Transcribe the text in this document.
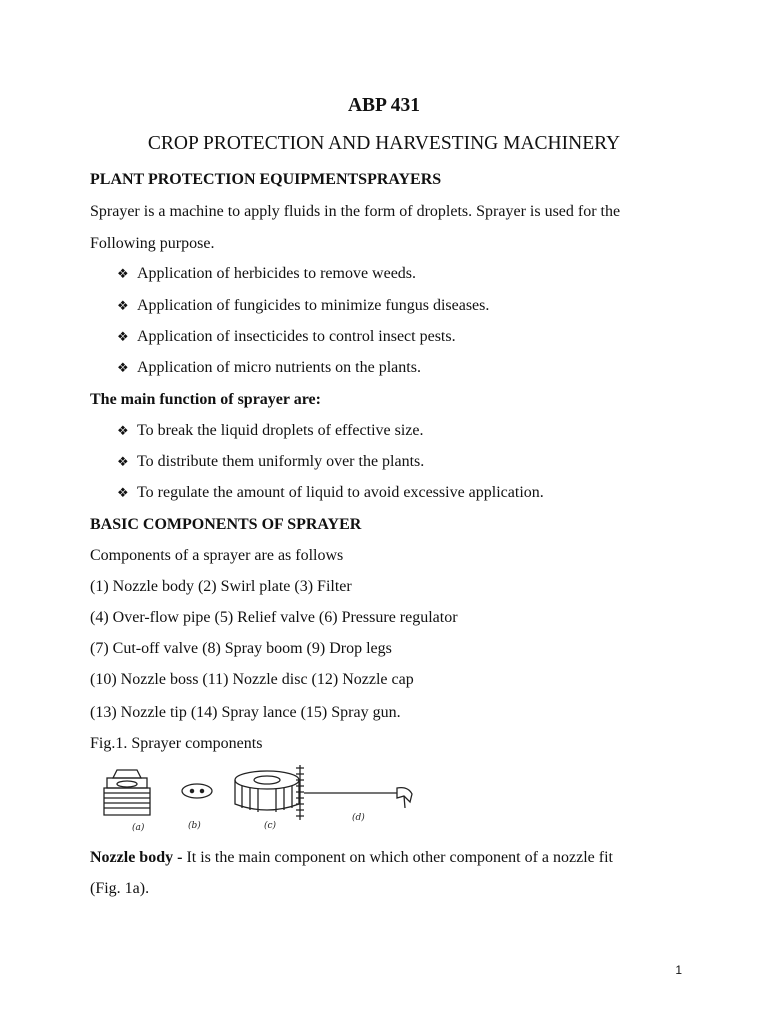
ABP 431
CROP PROTECTION AND HARVESTING MACHINERY
PLANT PROTECTION EQUIPMENTSPRAYERS
Sprayer is a machine to apply fluids in the form of droplets. Sprayer is used for the
Following purpose.
❖ Application of herbicides to remove weeds.
❖ Application of fungicides to minimize fungus diseases.
❖ Application of insecticides to control insect pests.
❖ Application of micro nutrients on the plants.
The main function of sprayer are:
❖ To break the liquid droplets of effective size.
❖ To distribute them uniformly over the plants.
❖ To regulate the amount of liquid to avoid excessive application.
BASIC COMPONENTS OF SPRAYER
Components of a sprayer are as follows
(1) Nozzle body (2) Swirl plate (3) Filter
(4) Over-flow pipe (5) Relief valve (6) Pressure regulator
(7) Cut-off valve (8) Spray boom (9) Drop legs
(10) Nozzle boss (11) Nozzle disc (12) Nozzle cap
(13) Nozzle tip (14) Spray lance (15) Spray gun.
Fig.1. Sprayer components
(a)	(b)	(c)
(d)
Nozzle body - It is the main component on which other component of a nozzle fit
(Fig. 1a).
1
